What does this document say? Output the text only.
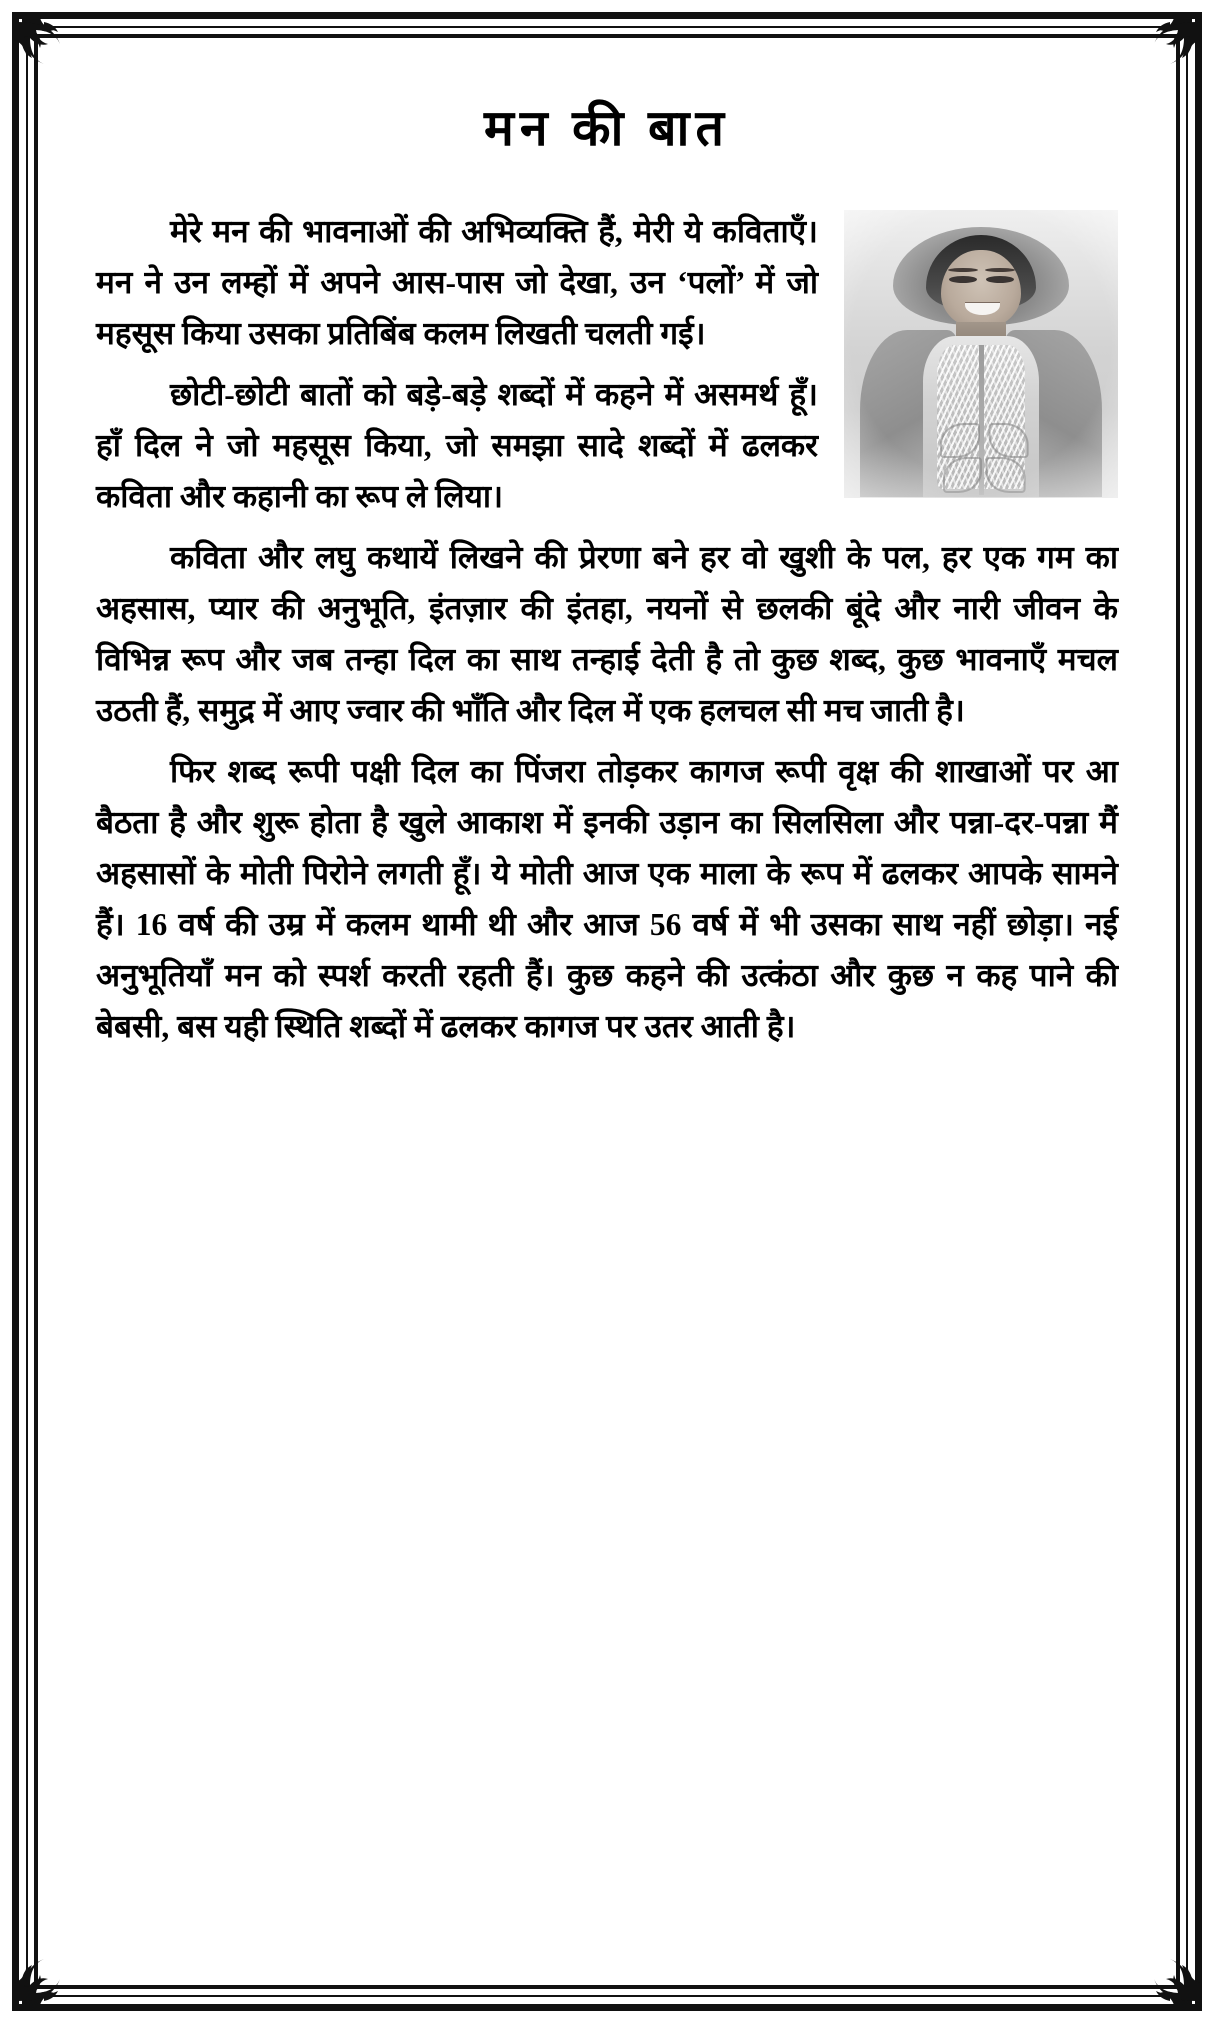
मन की बात

मेरे मन की भावनाओं की अभिव्यक्ति हैं, मेरी ये कविताएँ। मन ने उन लम्हों में अपने आस-पास जो देखा, उन ‘पलों’ में जो महसूस किया उसका प्रतिबिंब कलम लिखती चलती गई।

छोटी-छोटी बातों को बड़े-बड़े शब्दों में कहने में असमर्थ हूँ। हाँ दिल ने जो महसूस किया, जो समझा सादे शब्दों में ढलकर कविता और कहानी का रूप ले लिया।

कविता और लघु कथायें लिखने की प्रेरणा बने हर वो खुशी के पल, हर एक गम का अहसास, प्यार की अनुभूति, इंतज़ार की इंतहा, नयनों से छलकी बूंदे और नारी जीवन के विभिन्न रूप और जब तन्हा दिल का साथ तन्हाई देती है तो कुछ शब्द, कुछ भावनाएँ मचल उठती हैं, समुद्र में आए ज्वार की भाँति और दिल में एक हलचल सी मच जाती है।

फिर शब्द रूपी पक्षी दिल का पिंजरा तोड़कर कागज रूपी वृक्ष की शाखाओं पर आ बैठता है और शुरू होता है खुले आकाश में इनकी उड़ान का सिलसिला और पन्ना-दर-पन्ना मैं अहसासों के मोती पिरोने लगती हूँ। ये मोती आज एक माला के रूप में ढलकर आपके सामने हैं। 16 वर्ष की उम्र में कलम थामी थी और आज 56 वर्ष में भी उसका साथ नहीं छोड़ा। नई अनुभूतियाँ मन को स्पर्श करती रहती हैं। कुछ कहने की उत्कंठा और कुछ न कह पाने की बेबसी, बस यही स्थिति शब्दों में ढलकर कागज पर उतर आती है।
